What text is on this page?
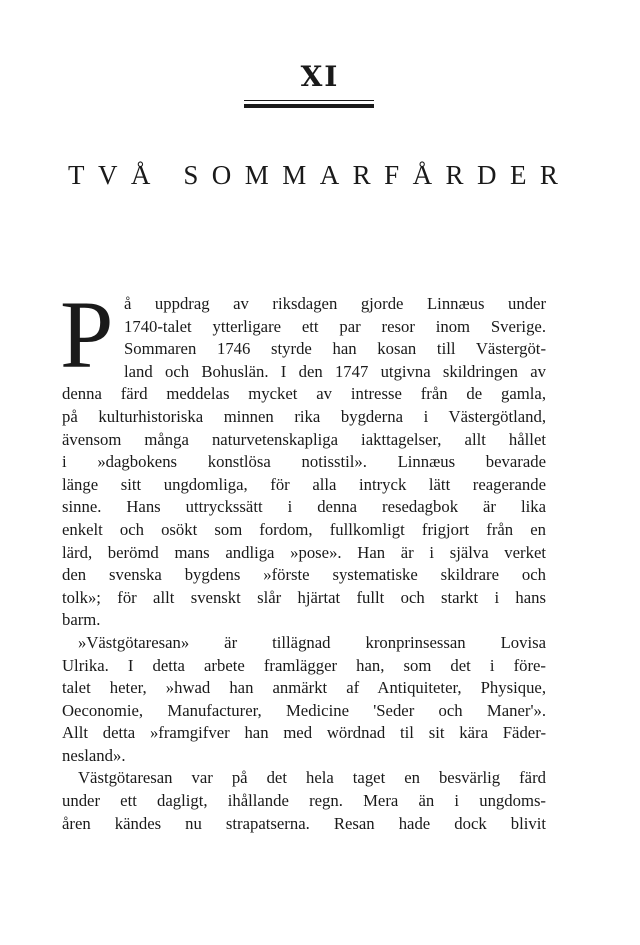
XI
T V Å S O M M A R F Å R D E R
P å uppdrag av riksdagen gjorde Linnæus under
1740-talet ytterligare ett par resor inom Sverige.
Sommaren 1746 styrde han kosan till Västergöt-
land och Bohuslän. I den 1747 utgivna skildringen av
denna färd meddelas mycket av intresse från de gamla,
på kulturhistoriska minnen rika bygderna i Västergötland,
ävensom många naturvetenskapliga iakttagelser, allt hållet
i »dagbokens konstlösa notisstil». Linnæus bevarade
länge sitt ungdomliga, för alla intryck lätt reagerande
sinne. Hans uttryckssätt i denna resedagbok är lika
enkelt och osökt som fordom, fullkomligt frigjort från en
lärd, berömd mans andliga »pose». Han är i själva verket
den svenska bygdens »förste systematiske skildrare och
tolk»; för allt svenskt slår hjärtat fullt och starkt i hans
barm.
»Västgötaresan» är tillägnad kronprinsessan Lovisa
Ulrika. I detta arbete framlägger han, som det i före-
talet heter, »hwad han anmärkt af Antiquiteter, Physique,
Oeconomie, Manufacturer, Medicine 'Seder och Maner'».
Allt detta »framgifver han med wördnad til sit kära Fäder-
nesland».
Västgötaresan var på det hela taget en besvärlig färd
under ett dagligt, ihållande regn. Mera än i ungdoms-
åren kändes nu strapatserna. Resan hade dock blivit
